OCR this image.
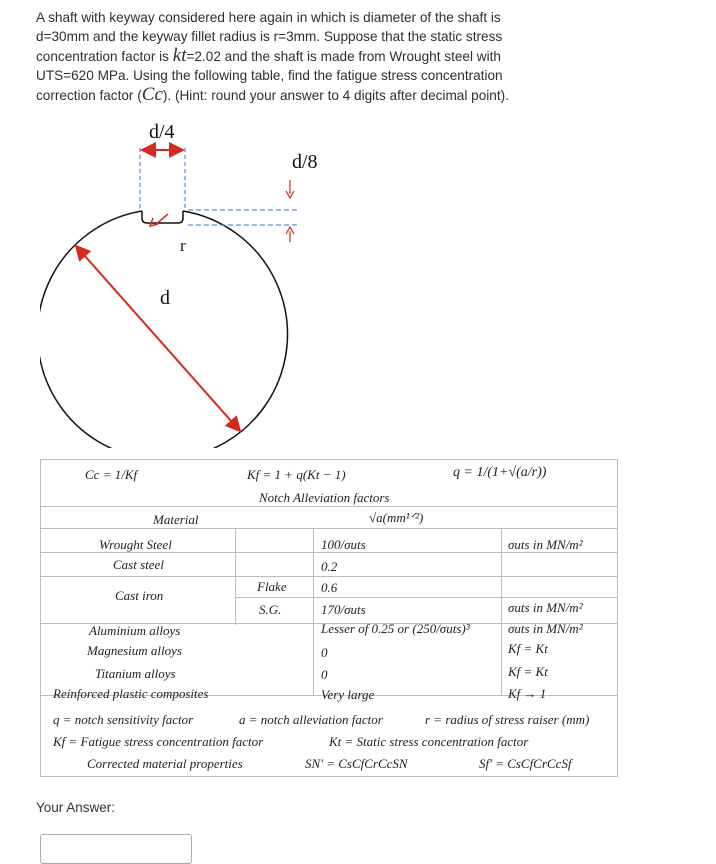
A shaft with keyway considered here again in which is diameter of the shaft is

d=30mm and the keyway fillet radius is r=3mm. Suppose that the static stress

concentration factor is kt=2.02 and the shaft is made from Wrought steel with

UTS=620 MPa. Using the following table, find the fatigue stress concentration

correction factor (Cc). (Hint: round your answer to 4 digits after decimal point).

d/4
d/8
r
d
Cc = 1/Kf	Kf = 1 + q(Kt − 1)	q = 1/(1+√(a/r))
Notch Alleviation factors
Material	√a(mm¹ᐟ²)
Wrought Steel	100/σuts	σuts in MN/m²
Cast steel	0.2
Cast iron
Flake	0.6
S.G.	170/σuts	σuts in MN/m²
Aluminium alloys	Lesser of 0.25 or (250/σuts)³	σuts in MN/m²
Magnesium alloys	0	Kf = Kt
Titanium alloys	0	Kf = Kt
Reinforced plastic composites	Very large	Kf → 1
q = notch sensitivity factor	a = notch alleviation factor	r = radius of stress raiser (mm)
Kf = Fatigue stress concentration factor	Kt = Static stress concentration factor
Corrected material properties	SN' = CsCfCrCcSN	Sf' = CsCfCrCcSf
Your Answer:
